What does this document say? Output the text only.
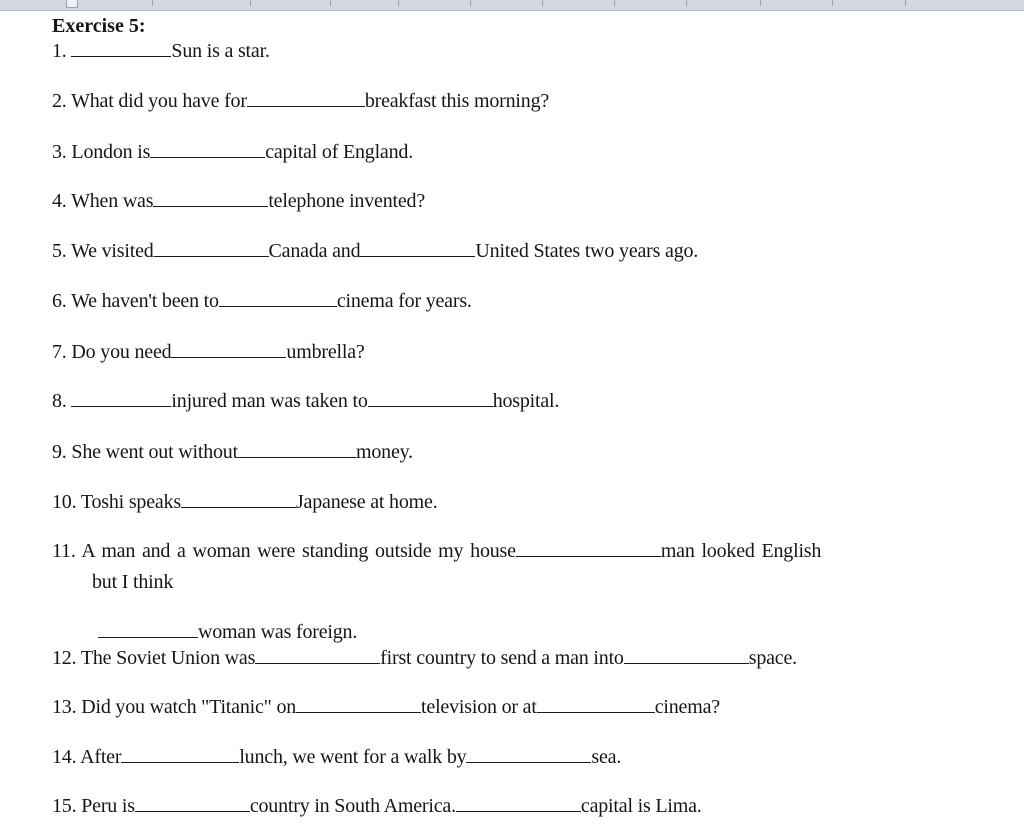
Exercise 5:
1.	Sun is a star.
2. What did you have for	breakfast this morning?
3. London is	capital of England.
4. When was	telephone invented?
5. We visited	Canada and	United States two years ago.
6. We haven't been to	cinema for years.
7. Do you need	umbrella?
8.	injured man was taken to	hospital.
9. She went out without	money.
10. Toshi speaks	Japanese at home.
11. A man and a woman were standing outside my house	man looked English
but I think
woman was foreign.
12. The Soviet Union was	first country to send a man into	space.
13. Did you watch "Titanic" on	television or at	cinema?
14. After	lunch, we went for a walk by	sea.
15. Peru is	country in South America.	capital is Lima.
